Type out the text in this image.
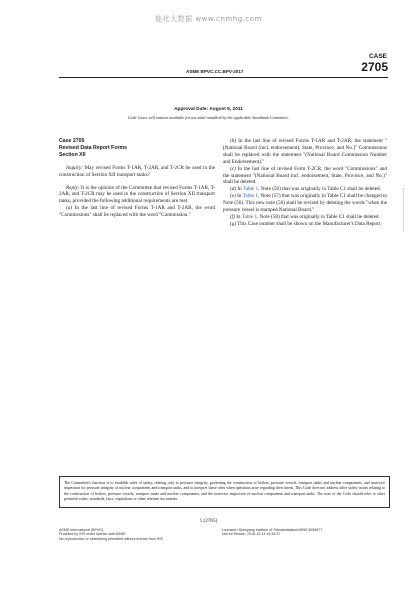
能化大数据 www.cnmhg.com
CASE
2705
ASME BPVC.CC.BPV-2017
Approval Date: August 9, 2011
Code Cases will remain available for use until annulled by the applicable Standards Committee.
Case 2705
Revised Data Report Forms
Section XII

Inquiry: May revised Forms T-1AR, T-2AR, and T-2CR be used in the construction of Section XII transport tanks?

Reply: It is the opinion of the Committee that revised Forms T-1AR, T-2AR, and T-2CR may be used in the construction of Section XII transport tanks, provided the following additional requirements are met.

(a) In the last line of revised Forms T-1AR and T-2AR, the word "Commissions" shall be replaced with the word "Commission."

(b) In the last line of revised Forms T-1AR and T-2AR, the statement "[National Board (incl. endorsement), State, Province, and No.]" Commissions shall be replaced with the statement "(National Board Commission Number and Endorsement)."

(c) In the last line of revised Form T-2CR, the word "Commissions" and the statement "(National Board incl. endorsement, State, Province, and No.)" shall be deleted.

(d) In Table 1, Note (56) that was originally in Table C1 shall be deleted.

(e) In Table 1, Note (57) that was originally in Table C1 shall be changed to Note (56). This new note (56) shall be revised by deleting the words "when the pressure vessel is stamped National Board."

(f) In Table 1, Note (58) that was originally in Table C1 shall be deleted.

(g) This Case number shall be shown on the Manufacturer's Data Report.

The Committee's function is to establish rules of safety, relating only to pressure integrity, governing the construction of boilers, pressure vessels, transport tanks and nuclear components, and inservice inspection for pressure integrity of nuclear components and transport tanks, and to interpret these rules when questions arise regarding their intent. This Code does not address other safety issues relating to the construction of boilers, pressure vessels, transport tanks and nuclear components, and the inservice inspection of nuclear components and transport tanks. The user of the Code should refer to other pertinent codes, standards, laws, regulations or other relevant documents.
1 (2705)
ASME International (BPVC)
Provided by IHS under license with ASME
No reproduction or networking permitted without license from IHS
Licensee=Shenyang Institute of Standardization/5996 5059877
Not for Resale, 2018-12-14 14:35:37
